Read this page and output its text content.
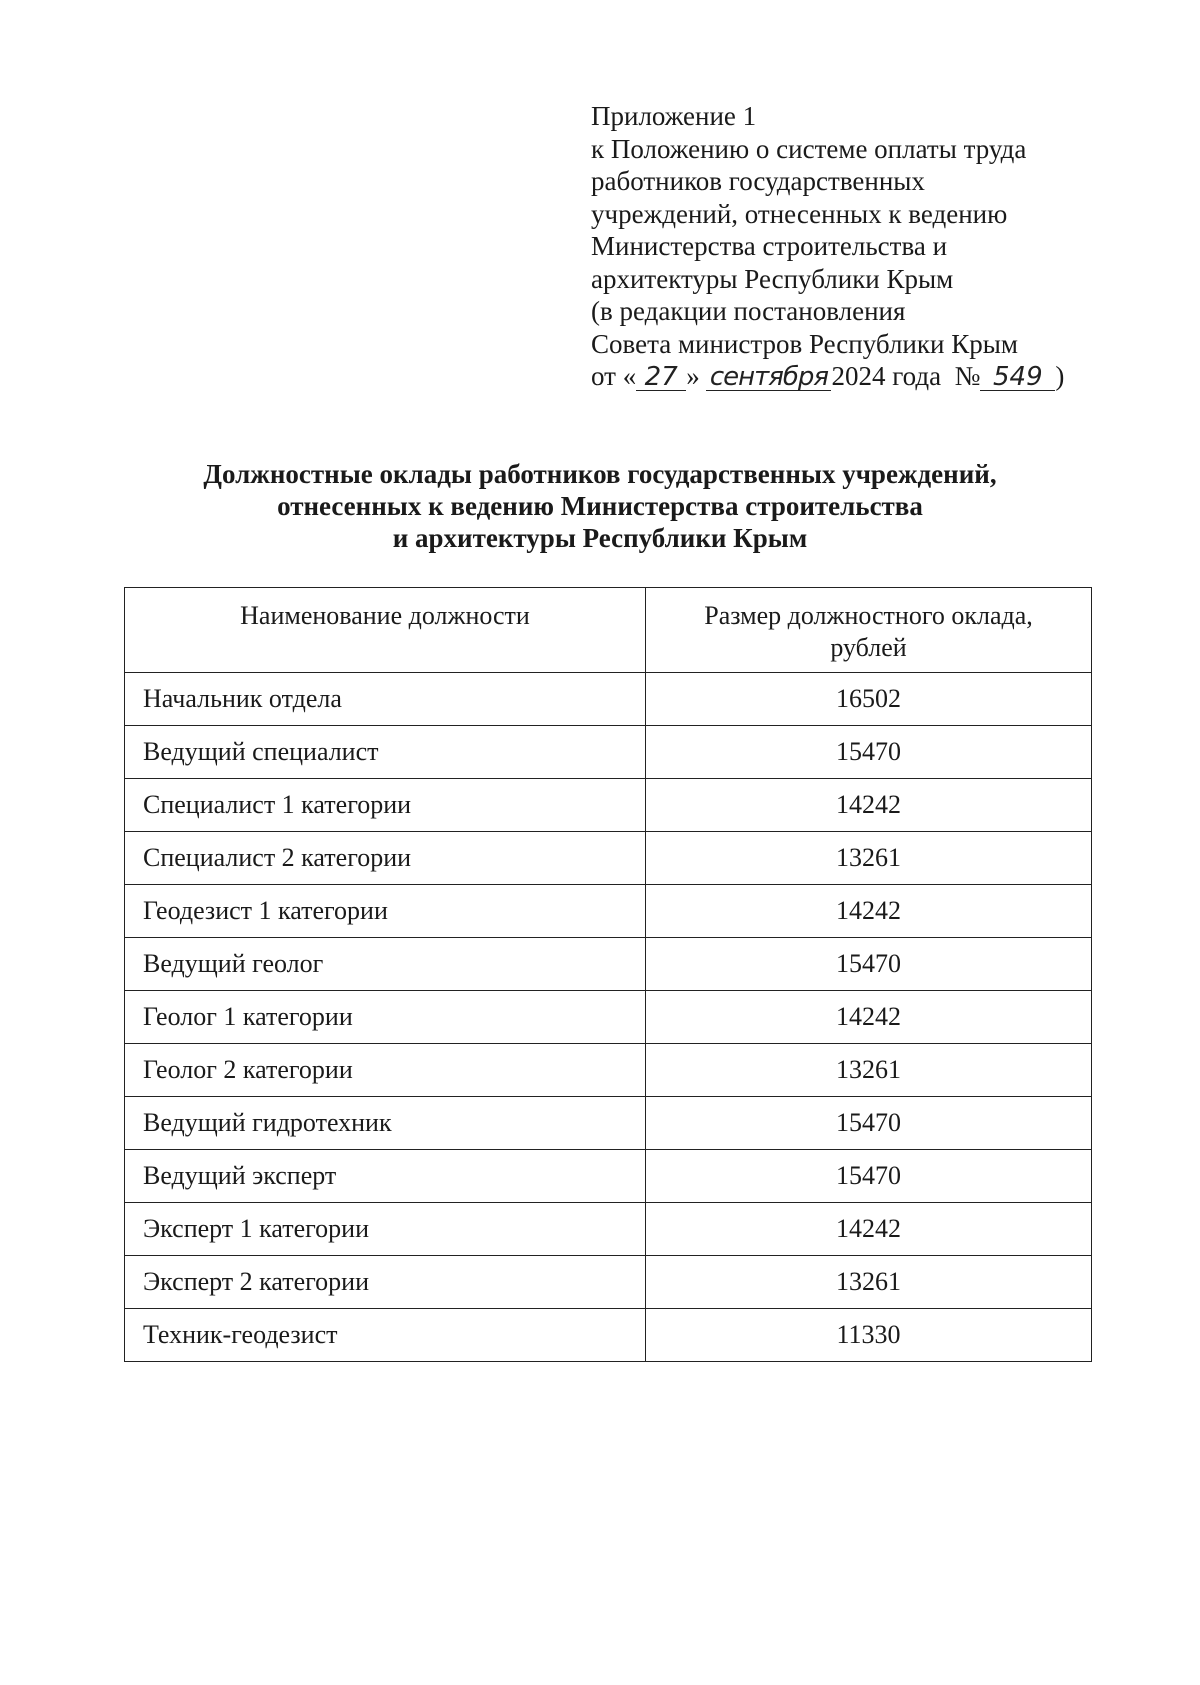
Приложение 1
к Положению о системе оплаты труда
работников государственных
учреждений, отнесенных к ведению
Министерства строительства и
архитектуры Республики Крым
(в редакции постановления
Совета министров Республики Крым
от « 27 » сентября 2024 года № 549 )
Должностные оклады работников государственных учреждений,
отнесенных к ведению Министерства строительства
и архитектуры Республики Крым
Наименование должности	Размер должностного оклада,
рублей
Начальник отдела	16502
Ведущий специалист	15470
Специалист 1 категории	14242
Специалист 2 категории	13261
Геодезист 1 категории	14242
Ведущий геолог	15470
Геолог 1 категории	14242
Геолог 2 категории	13261
Ведущий гидротехник	15470
Ведущий эксперт	15470
Эксперт 1 категории	14242
Эксперт 2 категории	13261
Техник-геодезист	11330
